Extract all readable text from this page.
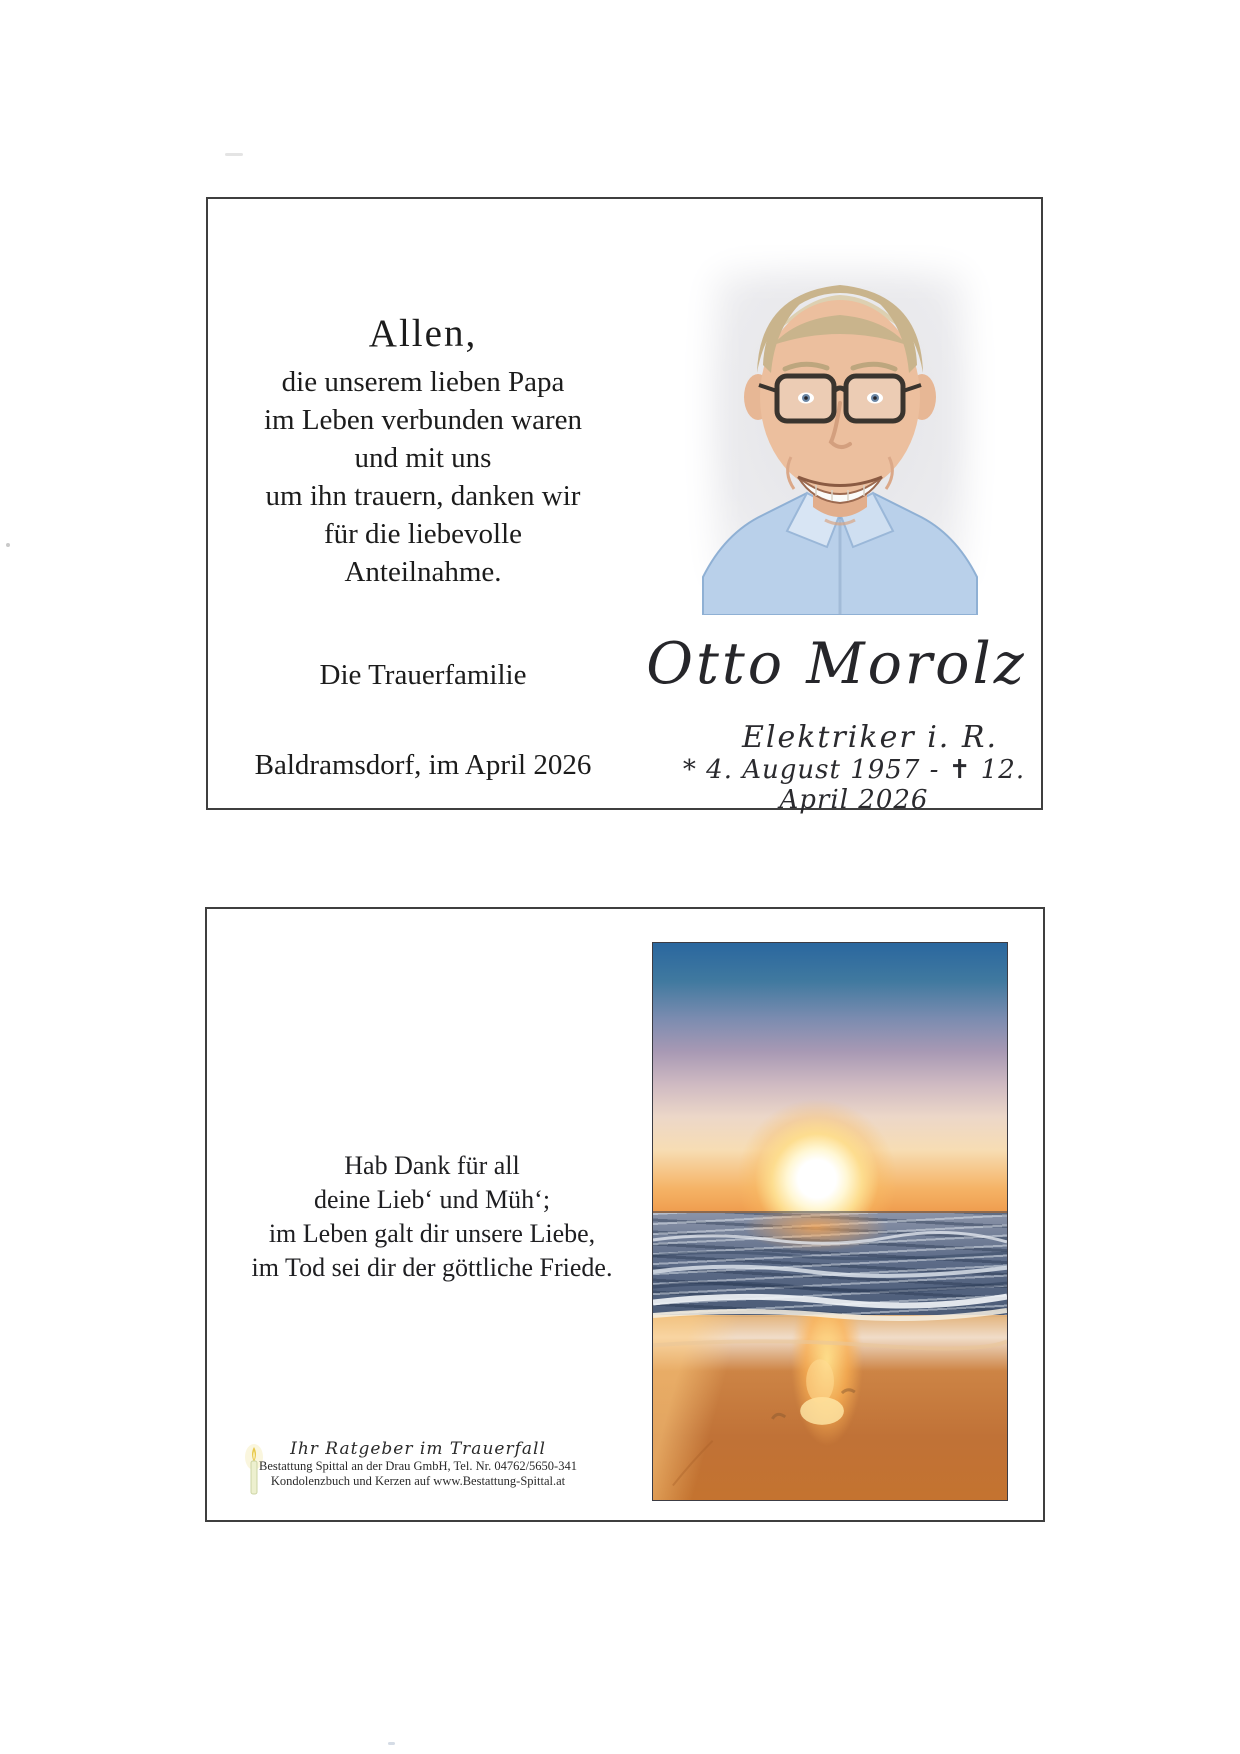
Allen,
die unserem lieben Papa
im Leben verbunden waren
und mit uns
um ihn trauern, danken wir
für die liebevolle
Anteilnahme.
Die Trauerfamilie
Baldramsdorf, im April 2026
Otto Morolz
Elektriker i. R.
* 4. August 1957 - ✝ 12. April 2026
Hab Dank für all
deine Lieb‘ und Müh‘;
im Leben galt dir unsere Liebe,
im Tod sei dir der göttliche Friede.
Ihr Ratgeber im Trauerfall
Bestattung Spittal an der Drau GmbH, Tel. Nr. 04762/5650-341
Kondolenzbuch und Kerzen auf www.Bestattung-Spittal.at
